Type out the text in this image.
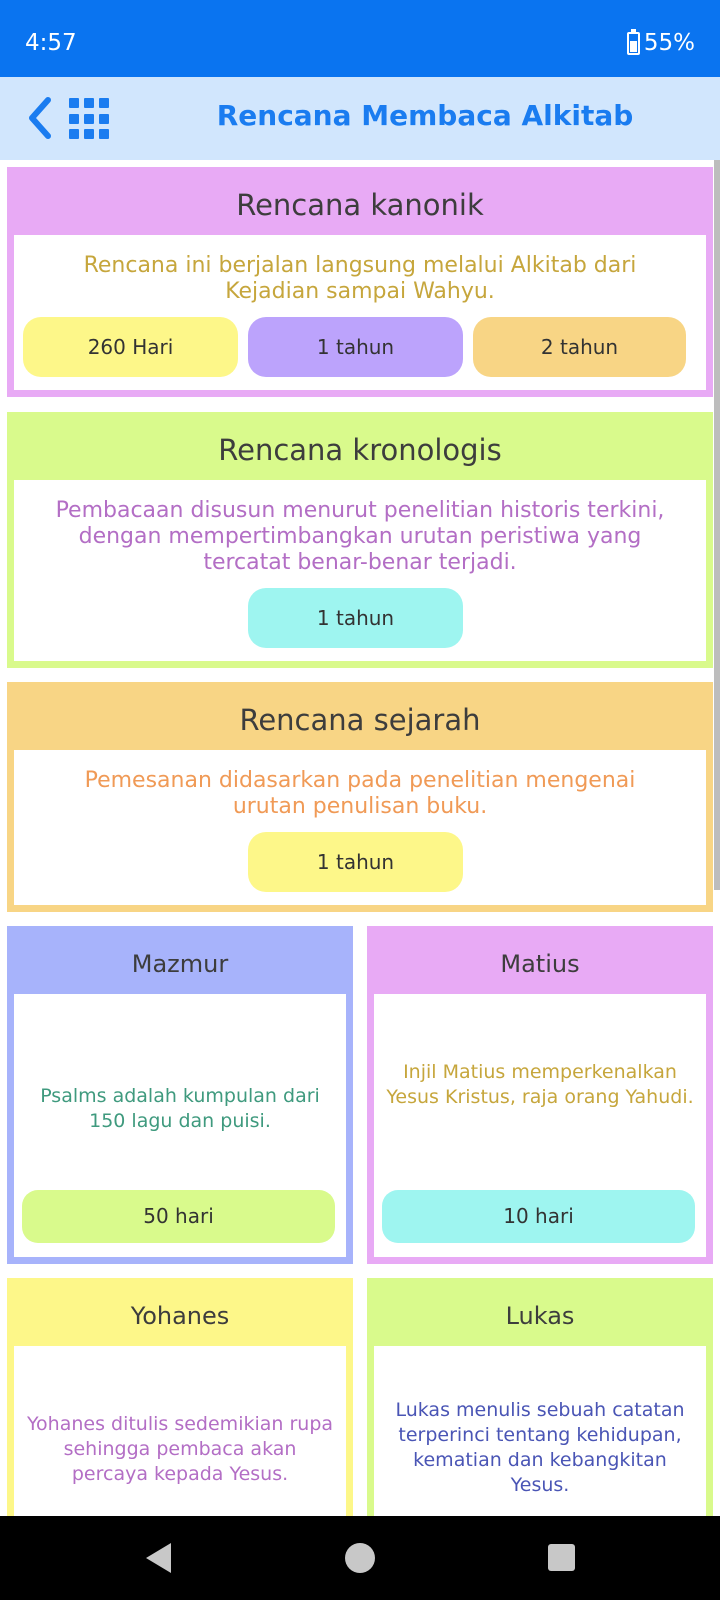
4:57	55%
Rencana Membaca Alkitab
Rencana kanonik
Rencana ini berjalan langsung melalui Alkitab dari Kejadian sampai Wahyu.
260 Hari	1 tahun	2 tahun
Rencana kronologis
Pembacaan disusun menurut penelitian historis terkini, dengan mempertimbangkan urutan peristiwa yang tercatat benar-benar terjadi.
1 tahun
Rencana sejarah
Pemesanan didasarkan pada penelitian mengenai urutan penulisan buku.
1 tahun
Mazmur
Psalms adalah kumpulan dari 150 lagu dan puisi.
50 hari
Matius
Injil Matius memperkenalkan Yesus Kristus, raja orang Yahudi.
10 hari
Yohanes
Yohanes ditulis sedemikian rupa sehingga pembaca akan percaya kepada Yesus.
Lukas
Lukas menulis sebuah catatan terperinci tentang kehidupan, kematian dan kebangkitan Yesus.
